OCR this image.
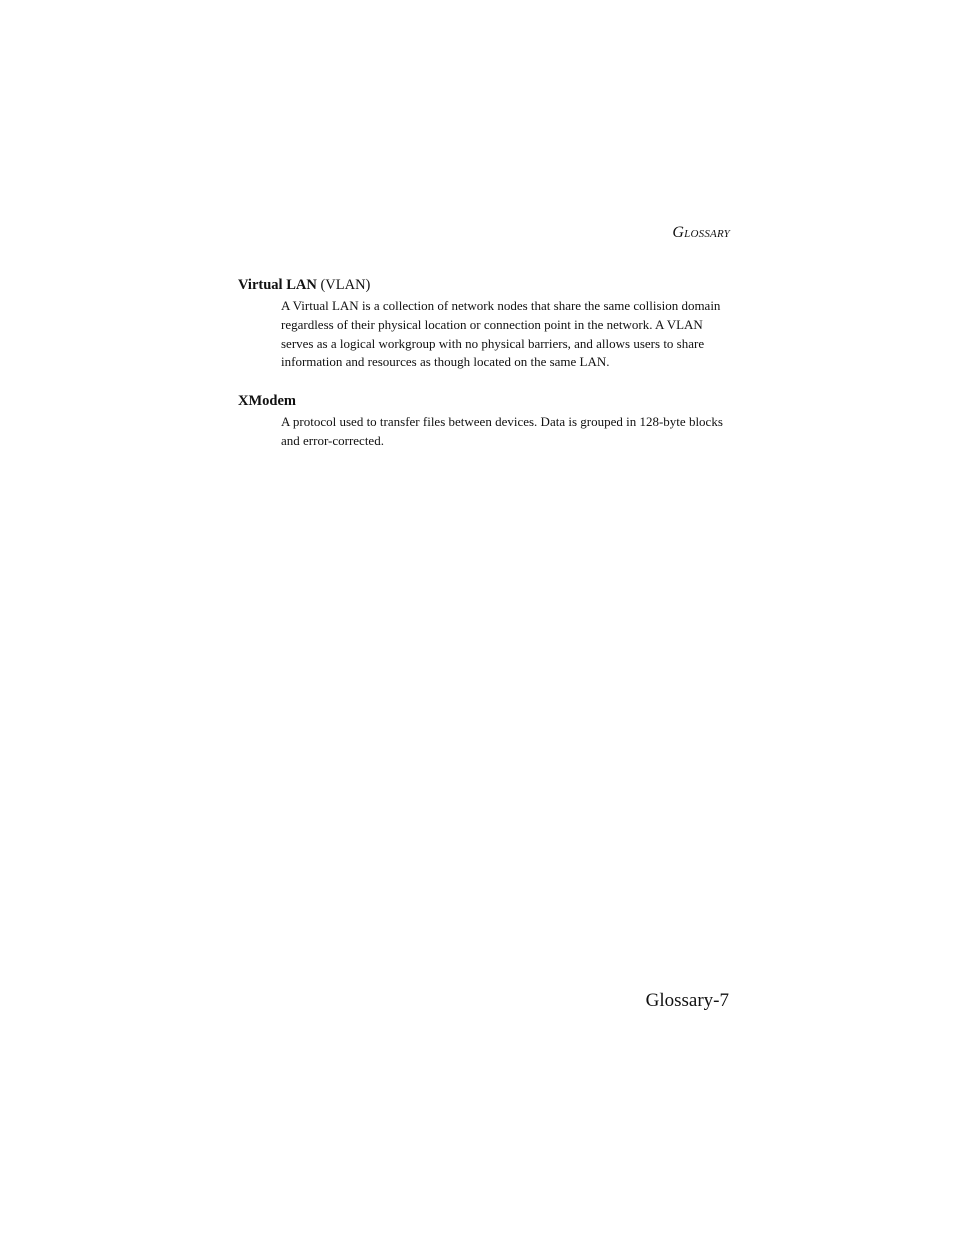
Glossary
Virtual LAN (VLAN)
A Virtual LAN is a collection of network nodes that share the same collision domain regardless of their physical location or connection point in the network. A VLAN serves as a logical workgroup with no physical barriers, and allows users to share information and resources as though located on the same LAN.
XModem
A protocol used to transfer files between devices. Data is grouped in 128-byte blocks and error-corrected.
Glossary-7
